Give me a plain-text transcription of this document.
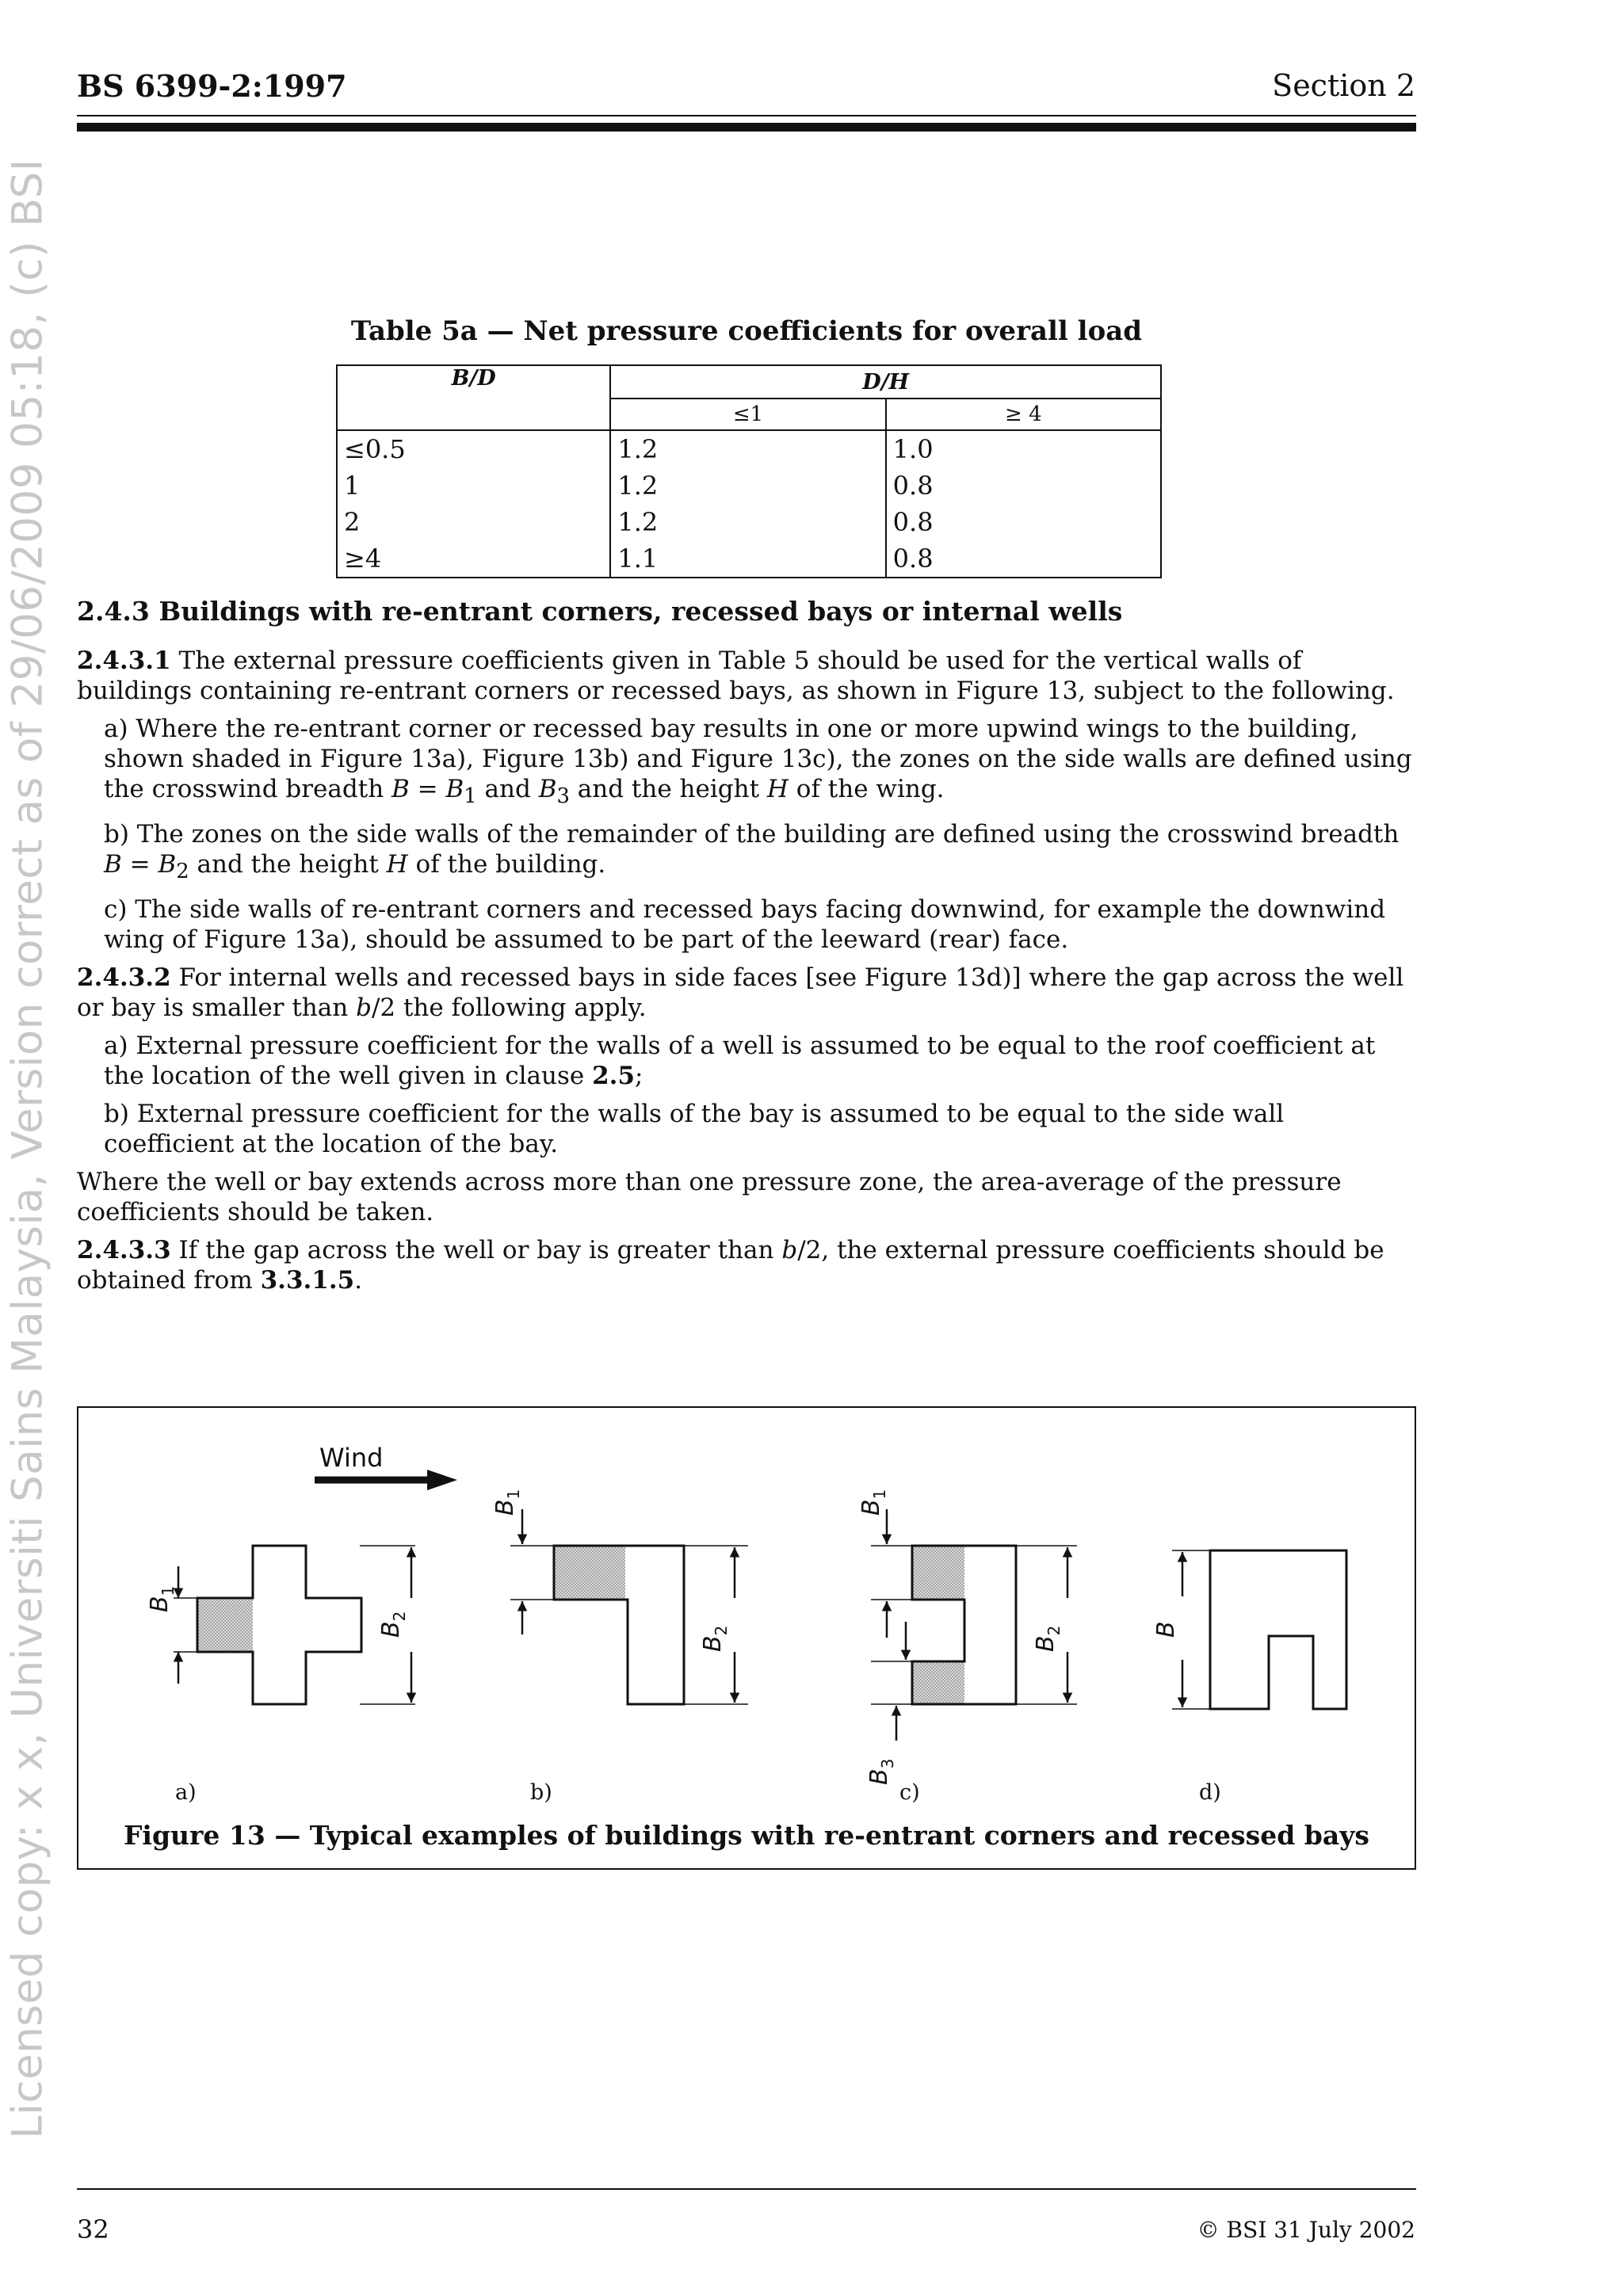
BS 6399-2:1997	Section 2
Licensed copy: x x, Universiti Sains Malaysia, Version correct as of 29/06/2009 05:18, (c) BSI	Table 5a — Net pressure coefficients for overall load
B/D	D/H	
	≤1	≥ 4
≤0.5	1.2	1.0
1	1.2	0.8
2	1.2	0.8
≥4	1.1	0.8
2.4.3 Buildings with re-entrant corners, recessed bays or internal wells

2.4.3.1 The external pressure coefficients given in Table 5 should be used for the vertical walls of buildings containing re-entrant corners or recessed bays, as shown in Figure 13, subject to the following.

a) Where the re-entrant corner or recessed bay results in one or more upwind wings to the building, shown shaded in Figure 13a), Figure 13b) and Figure 13c), the zones on the side walls are defined using the crosswind breadth $B = B_1$ and $B_3$ and the height H of the wing.

b) The zones on the side walls of the remainder of the building are defined using the crosswind breadth $B = B_2$ and the height H of the building.

c) The side walls of re-entrant corners and recessed bays facing downwind, for example the downwind wing of Figure 13a), should be assumed to be part of the leeward (rear) face.

2.4.3.2 For internal wells and recessed bays in side faces [see Figure 13d)] where the gap across the well or bay is smaller than b/2 the following apply.

a) External pressure coefficient for the walls of a well is assumed to be equal to the roof coefficient at the location of the well given in clause 2.5;

b) External pressure coefficient for the walls of the bay is assumed to be equal to the side wall coefficient at the location of the bay.

Where the well or bay extends across more than one pressure zone, the area-average of the pressure coefficients should be taken.

2.4.3.3 If the gap across the well or bay is greater than b/2, the external pressure coefficients should be obtained from 3.3.1.5.

Wind
$B_1$
$B_2$
$B_1$
$B_2$
$B_1$
$B_2$
$B_3$
B
a)	b)	c)	d)
Figure 13 — Typical examples of buildings with re-entrant corners and recessed bays
32	© BSI 31 July 2002
